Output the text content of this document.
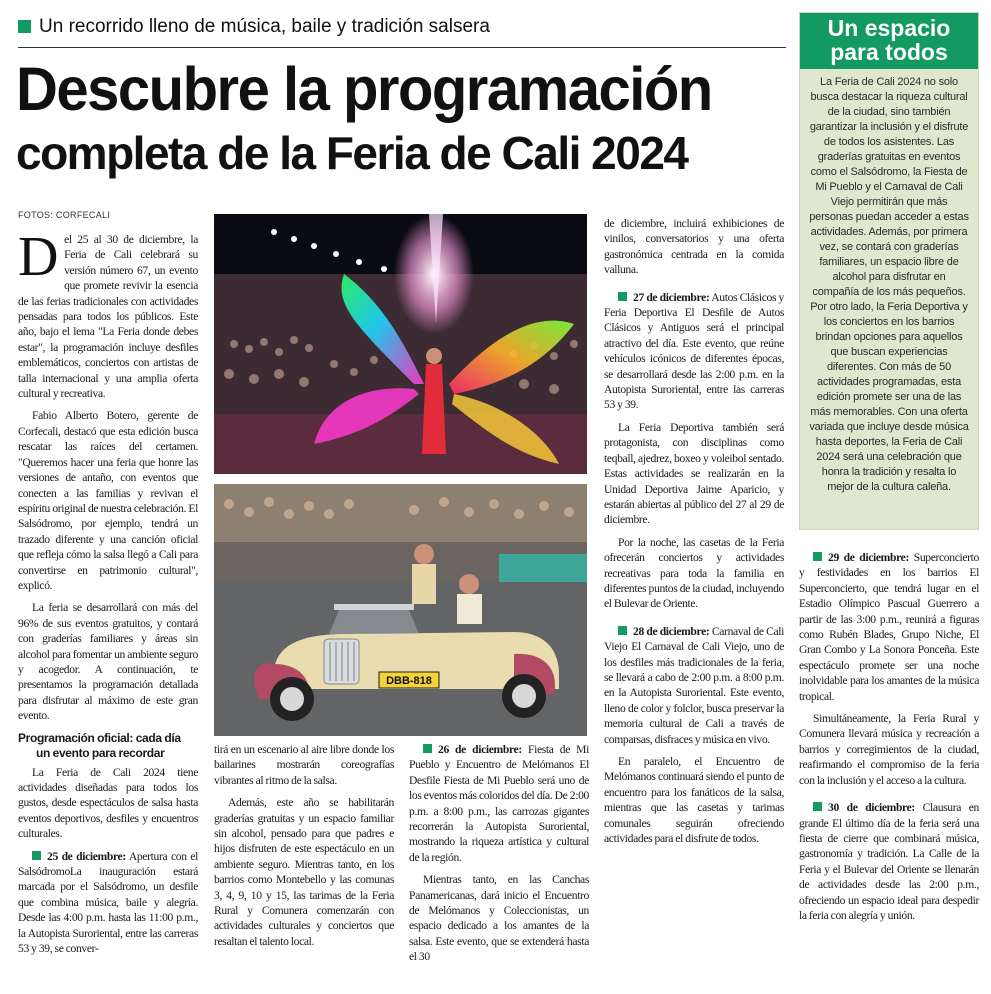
Un recorrido lleno de música, baile y tradición salsera
Descubre la programación
completa de la Feria de Cali 2024
FOTOS: CORFECALI

Del 25 al 30 de diciembre, la Feria de Cali celebrará su versión número 67, un evento que promete revivir la esencia de las ferias tradicionales con actividades pensadas para todos los públicos. Este año, bajo el lema "La Feria donde debes estar", la programación incluye desfiles emblemáticos, conciertos con artistas de talla internacional y una amplia oferta cultural y recreativa.

Fabio Alberto Botero, gerente de Corfecali, destacó que esta edición busca rescatar las raíces del certamen. "Queremos hacer una feria que honre las versiones de antaño, con eventos que conecten a las familias y revivan el espíritu original de nuestra celebración. El Salsódromo, por ejemplo, tendrá un trazado diferente y una canción oficial que refleja cómo la salsa llegó a Cali para convertirse en patrimonio cultural", explicó.

La feria se desarrollará con más del 96% de sus eventos gratuitos, y contará con graderías familiares y áreas sin alcohol para fomentar un ambiente seguro y acogedor. A continuación, te presentamos la programación detallada para disfrutar al máximo de este gran evento.

Programación oficial: cada día
un evento para recordar

La Feria de Cali 2024 tiene actividades diseñadas para todos los gustos, desde espectáculos de salsa hasta eventos deportivos, desfiles y encuentros culturales.

25 de diciembre: Apertura con el SalsódromoLa inauguración estará marcada por el Salsódromo, un desfile que combina música, baile y alegría. Desde las 4:00 p.m. hasta las 11:00 p.m., la Autopista Suroriental, entre las carreras 53 y 39, se conver-

DBB-818

tirá en un escenario al aire libre donde los bailarines mostrarán coreografías vibrantes al ritmo de la salsa.

Además, este año se habilitarán graderías gratuitas y un espacio familiar sin alcohol, pensado para que padres e hijos disfruten de este espectáculo en un ambiente seguro. Mientras tanto, en los barrios como Montebello y las comunas 3, 4, 9, 10 y 15, las tarimas de la Feria Rural y Comunera comenzarán con actividades culturales y conciertos que resaltan el talento local.

26 de diciembre: Fiesta de Mi Pueblo y Encuentro de Melómanos El Desfile Fiesta de Mi Pueblo será uno de los eventos más coloridos del día. De 2:00 p.m. a 8:00 p.m., las carrozas gigantes recorrerán la Autopista Suroriental, mostrando la riqueza artística y cultural de la región.

Mientras tanto, en las Canchas Panamericanas, dará inicio el Encuentro de Melómanos y Coleccionistas, un espacio dedicado a los amantes de la salsa. Este evento, que se extenderá hasta el 30

de diciembre, incluirá exhibiciones de vinilos, conversatorios y una oferta gastronómica centrada en la comida valluna.

27 de diciembre: Autos Clásicos y Feria Deportiva El Desfile de Autos Clásicos y Antiguos será el principal atractivo del día. Este evento, que reúne vehículos icónicos de diferentes épocas, se desarrollará desde las 2:00 p.m. en la Autopista Suroriental, entre las carreras 53 y 39.

La Feria Deportiva también será protagonista, con disciplinas como teqball, ajedrez, boxeo y voleibol sentado. Estas actividades se realizarán en la Unidad Deportiva Jaime Aparicio, y estarán abiertas al público del 27 al 29 de diciembre.

Por la noche, las casetas de la Feria ofrecerán conciertos y actividades recreativas para toda la familia en diferentes puntos de la ciudad, incluyendo el Bulevar de Oriente.

28 de diciembre: Carnaval de Cali Viejo El Carnaval de Cali Viejo, uno de los desfiles más tradicionales de la feria, se llevará a cabo de 2:00 p.m. a 8:00 p.m. en la Autopista Suroriental. Este evento, lleno de color y folclor, busca preservar la memoria cultural de Cali a través de comparsas, disfraces y música en vivo.

En paralelo, el Encuentro de Melómanos continuará siendo el punto de encuentro para los fanáticos de la salsa, mientras que las casetas y tarimas comunales seguirán ofreciendo actividades para el disfrute de todos.

Un espacio
para todos
La Feria de Cali 2024 no solo busca destacar la riqueza cultural de la ciudad, sino también garantizar la inclusión y el disfrute de todos los asistentes. Las graderías gratuitas en eventos como el Salsódromo, la Fiesta de Mi Pueblo y el Carnaval de Cali Viejo permitirán que más personas puedan acceder a estas actividades. Además, por primera vez, se contará con graderías familiares, un espacio libre de alcohol para disfrutar en compañía de los más pequeños. Por otro lado, la Feria Deportiva y los conciertos en los barrios brindan opciones para aquellos que buscan experiencias diferentes. Con más de 50 actividades programadas, esta edición promete ser una de las más memorables. Con una oferta variada que incluye desde música hasta deportes, la Feria de Cali 2024 será una celebración que honra la tradición y resalta lo mejor de la cultura caleña.

29 de diciembre: Superconcierto y festividades en los barrios El Superconcierto, que tendrá lugar en el Estadio Olímpico Pascual Guerrero a partir de las 3:00 p.m., reunirá a figuras como Rubén Blades, Grupo Niche, El Gran Combo y La Sonora Ponceña. Este espectáculo promete ser una noche inolvidable para los amantes de la música tropical.

Simultáneamente, la Feria Rural y Comunera llevará música y recreación a barrios y corregimientos de la ciudad, reafirmando el compromiso de la feria con la inclusión y el acceso a la cultura.

30 de diciembre: Clausura en grande El último día de la feria será una fiesta de cierre que combinará música, gastronomía y tradición. La Calle de la Feria y el Bulevar del Oriente se llenarán de actividades desde las 2:00 p.m., ofreciendo un espacio ideal para despedir la feria con alegría y unión.
